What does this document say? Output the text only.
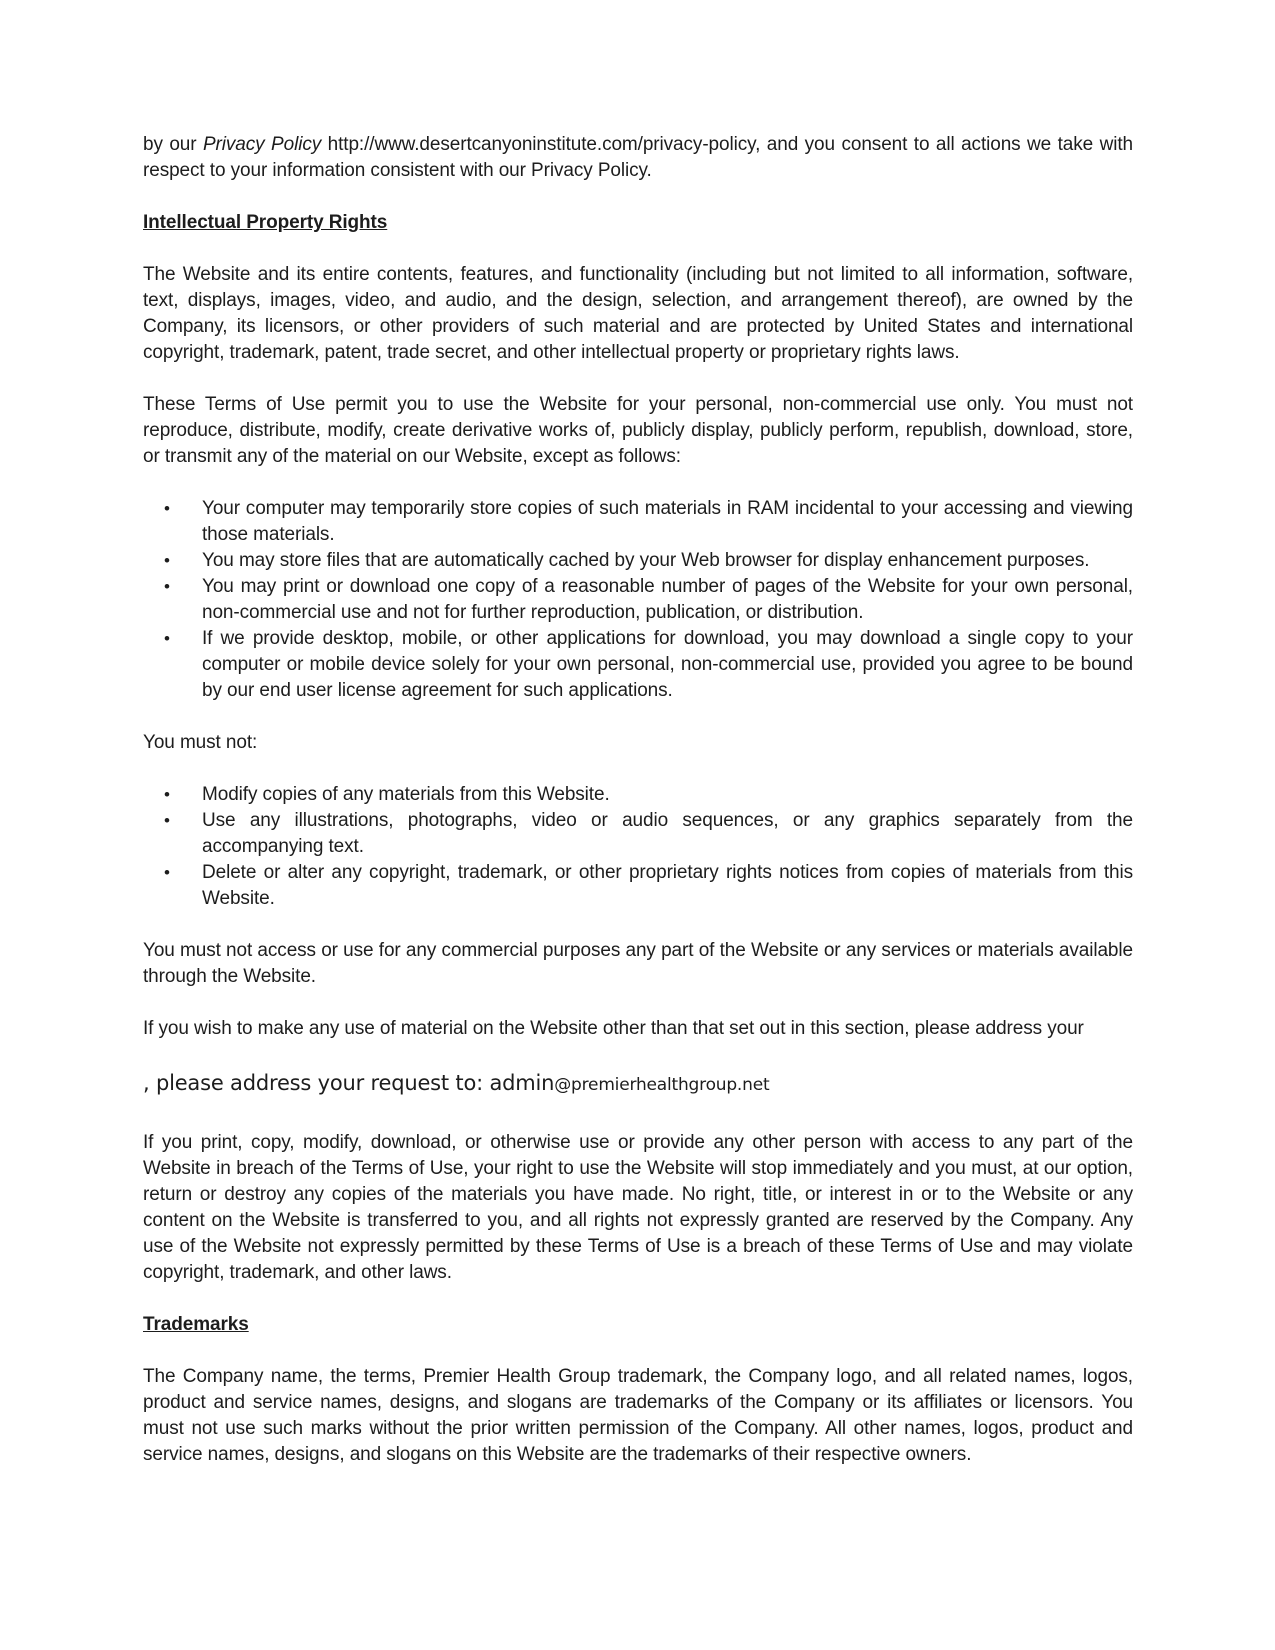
by our Privacy Policy http://www.desertcanyoninstitute.com/privacy-policy, and you consent to all actions we take with respect to your information consistent with our Privacy Policy.

Intellectual Property Rights

The Website and its entire contents, features, and functionality (including but not limited to all information, software, text, displays, images, video, and audio, and the design, selection, and arrangement thereof), are owned by the Company, its licensors, or other providers of such material and are protected by United States and international copyright, trademark, patent, trade secret, and other intellectual property or proprietary rights laws.

These Terms of Use permit you to use the Website for your personal, non-commercial use only. You must not reproduce, distribute, modify, create derivative works of, publicly display, publicly perform, republish, download, store, or transmit any of the material on our Website, except as follows:

• Your computer may temporarily store copies of such materials in RAM incidental to your accessing and viewing those materials.
• You may store files that are automatically cached by your Web browser for display enhancement purposes.
• You may print or download one copy of a reasonable number of pages of the Website for your own personal, non-commercial use and not for further reproduction, publication, or distribution.
• If we provide desktop, mobile, or other applications for download, you may download a single copy to your computer or mobile device solely for your own personal, non-commercial use, provided you agree to be bound by our end user license agreement for such applications.

You must not:

• Modify copies of any materials from this Website.
• Use any illustrations, photographs, video or audio sequences, or any graphics separately from the accompanying text.
• Delete or alter any copyright, trademark, or other proprietary rights notices from copies of materials from this Website.

You must not access or use for any commercial purposes any part of the Website or any services or materials available through the Website.

If you wish to make any use of material on the Website other than that set out in this section, please address your

, please address your request to: admin@premierhealthgroup.net

If you print, copy, modify, download, or otherwise use or provide any other person with access to any part of the Website in breach of the Terms of Use, your right to use the Website will stop immediately and you must, at our option, return or destroy any copies of the materials you have made. No right, title, or interest in or to the Website or any content on the Website is transferred to you, and all rights not expressly granted are reserved by the Company. Any use of the Website not expressly permitted by these Terms of Use is a breach of these Terms of Use and may violate copyright, trademark, and other laws.

Trademarks

The Company name, the terms, Premier Health Group trademark, the Company logo, and all related names, logos, product and service names, designs, and slogans are trademarks of the Company or its affiliates or licensors. You must not use such marks without the prior written permission of the Company. All other names, logos, product and service names, designs, and slogans on this Website are the trademarks of their respective owners.
